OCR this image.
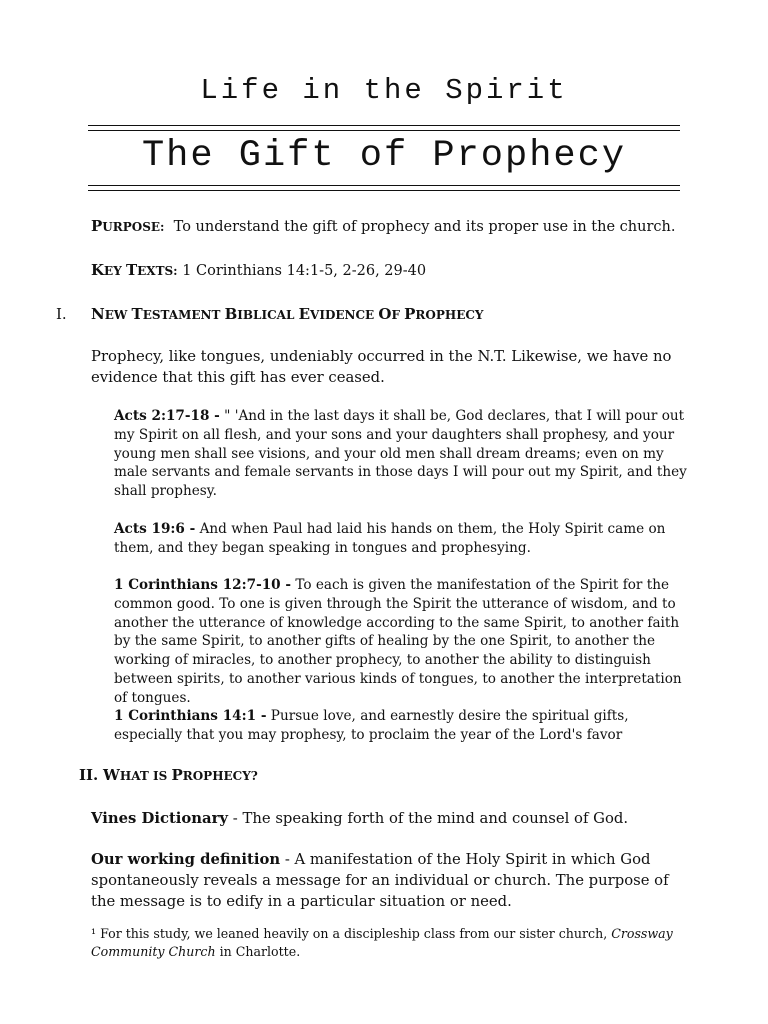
Life in the Spirit
The Gift of Prophecy
PURPOSE: To understand the gift of prophecy and its proper use in the church.
KEY TEXTS: 1 Corinthians 14:1-5, 2-26, 29-40
I. NEW TESTAMENT BIBLICAL EVIDENCE OF PROPHECY
Prophecy, like tongues, undeniably occurred in the N.T. Likewise, we have no evidence that this gift has ever ceased.
Acts 2:17-18 - " 'And in the last days it shall be, God declares, that I will pour out my Spirit on all flesh, and your sons and your daughters shall prophesy, and your young men shall see visions, and your old men shall dream dreams; even on my male servants and female servants in those days I will pour out my Spirit, and they shall prophesy.
Acts 19:6 - And when Paul had laid his hands on them, the Holy Spirit came on them, and they began speaking in tongues and prophesying.
1 Corinthians 12:7-10 - To each is given the manifestation of the Spirit for the common good. To one is given through the Spirit the utterance of wisdom, and to another the utterance of knowledge according to the same Spirit, to another faith by the same Spirit, to another gifts of healing by the one Spirit, to another the working of miracles, to another prophecy, to another the ability to distinguish between spirits, to another various kinds of tongues, to another the interpretation of tongues.
1 Corinthians 14:1 - Pursue love, and earnestly desire the spiritual gifts, especially that you may prophesy, to proclaim the year of the Lord's favor
II. WHAT IS PROPHECY?
Vines Dictionary - The speaking forth of the mind and counsel of God.
Our working definition - A manifestation of the Holy Spirit in which God spontaneously reveals a message for an individual or church. The purpose of the message is to edify in a particular situation or need.
¹ For this study, we leaned heavily on a discipleship class from our sister church, Crossway Community Church in Charlotte.
